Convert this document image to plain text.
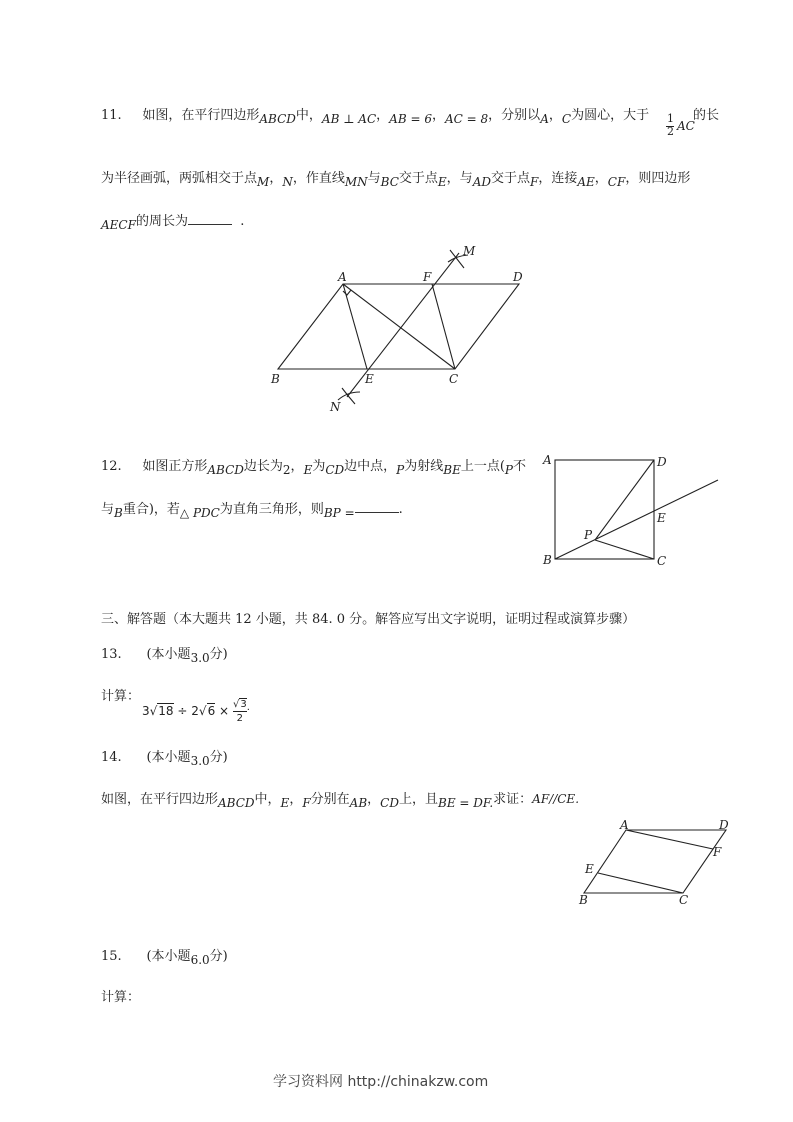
11. 如图，在平行四边形ABCD中，AB ⊥ AC，AB = 6，AC = 8，分别以A，C为圆心，大于 1
2 AC
的长
为半径画弧，两弧相交于点M，N，作直线MN与BC交于点E，与AD交于点F，连接AE，CF，则四边形
AECF的周长为	.
A	F	D
M
B	E	C
N
12. 如图正方形ABCD边长为2，E为CD边中点，P为射线BE上一点(P不
与B重合)，若△ PDC为直角三角形，则BP =	.
A	D
E
P
B	C
三、解答题（本大题共 12 小题，共 84. 0 分。解答应写出文字说明，证明过程或演算步骤）
13. (本小题3.0分)
计算：
$3√18 \div 2√6 \times \frac{√3}{2} ^.$
14. (本小题3.0分)
如图，在平行四边形ABCD中，E，F分别在AB，CD上，且BE = DF.求证：AF//CE.
A	D
F
E
B	C
15. (本小题6.0分)
计算：
学习资料网 http://chinakzw.com
